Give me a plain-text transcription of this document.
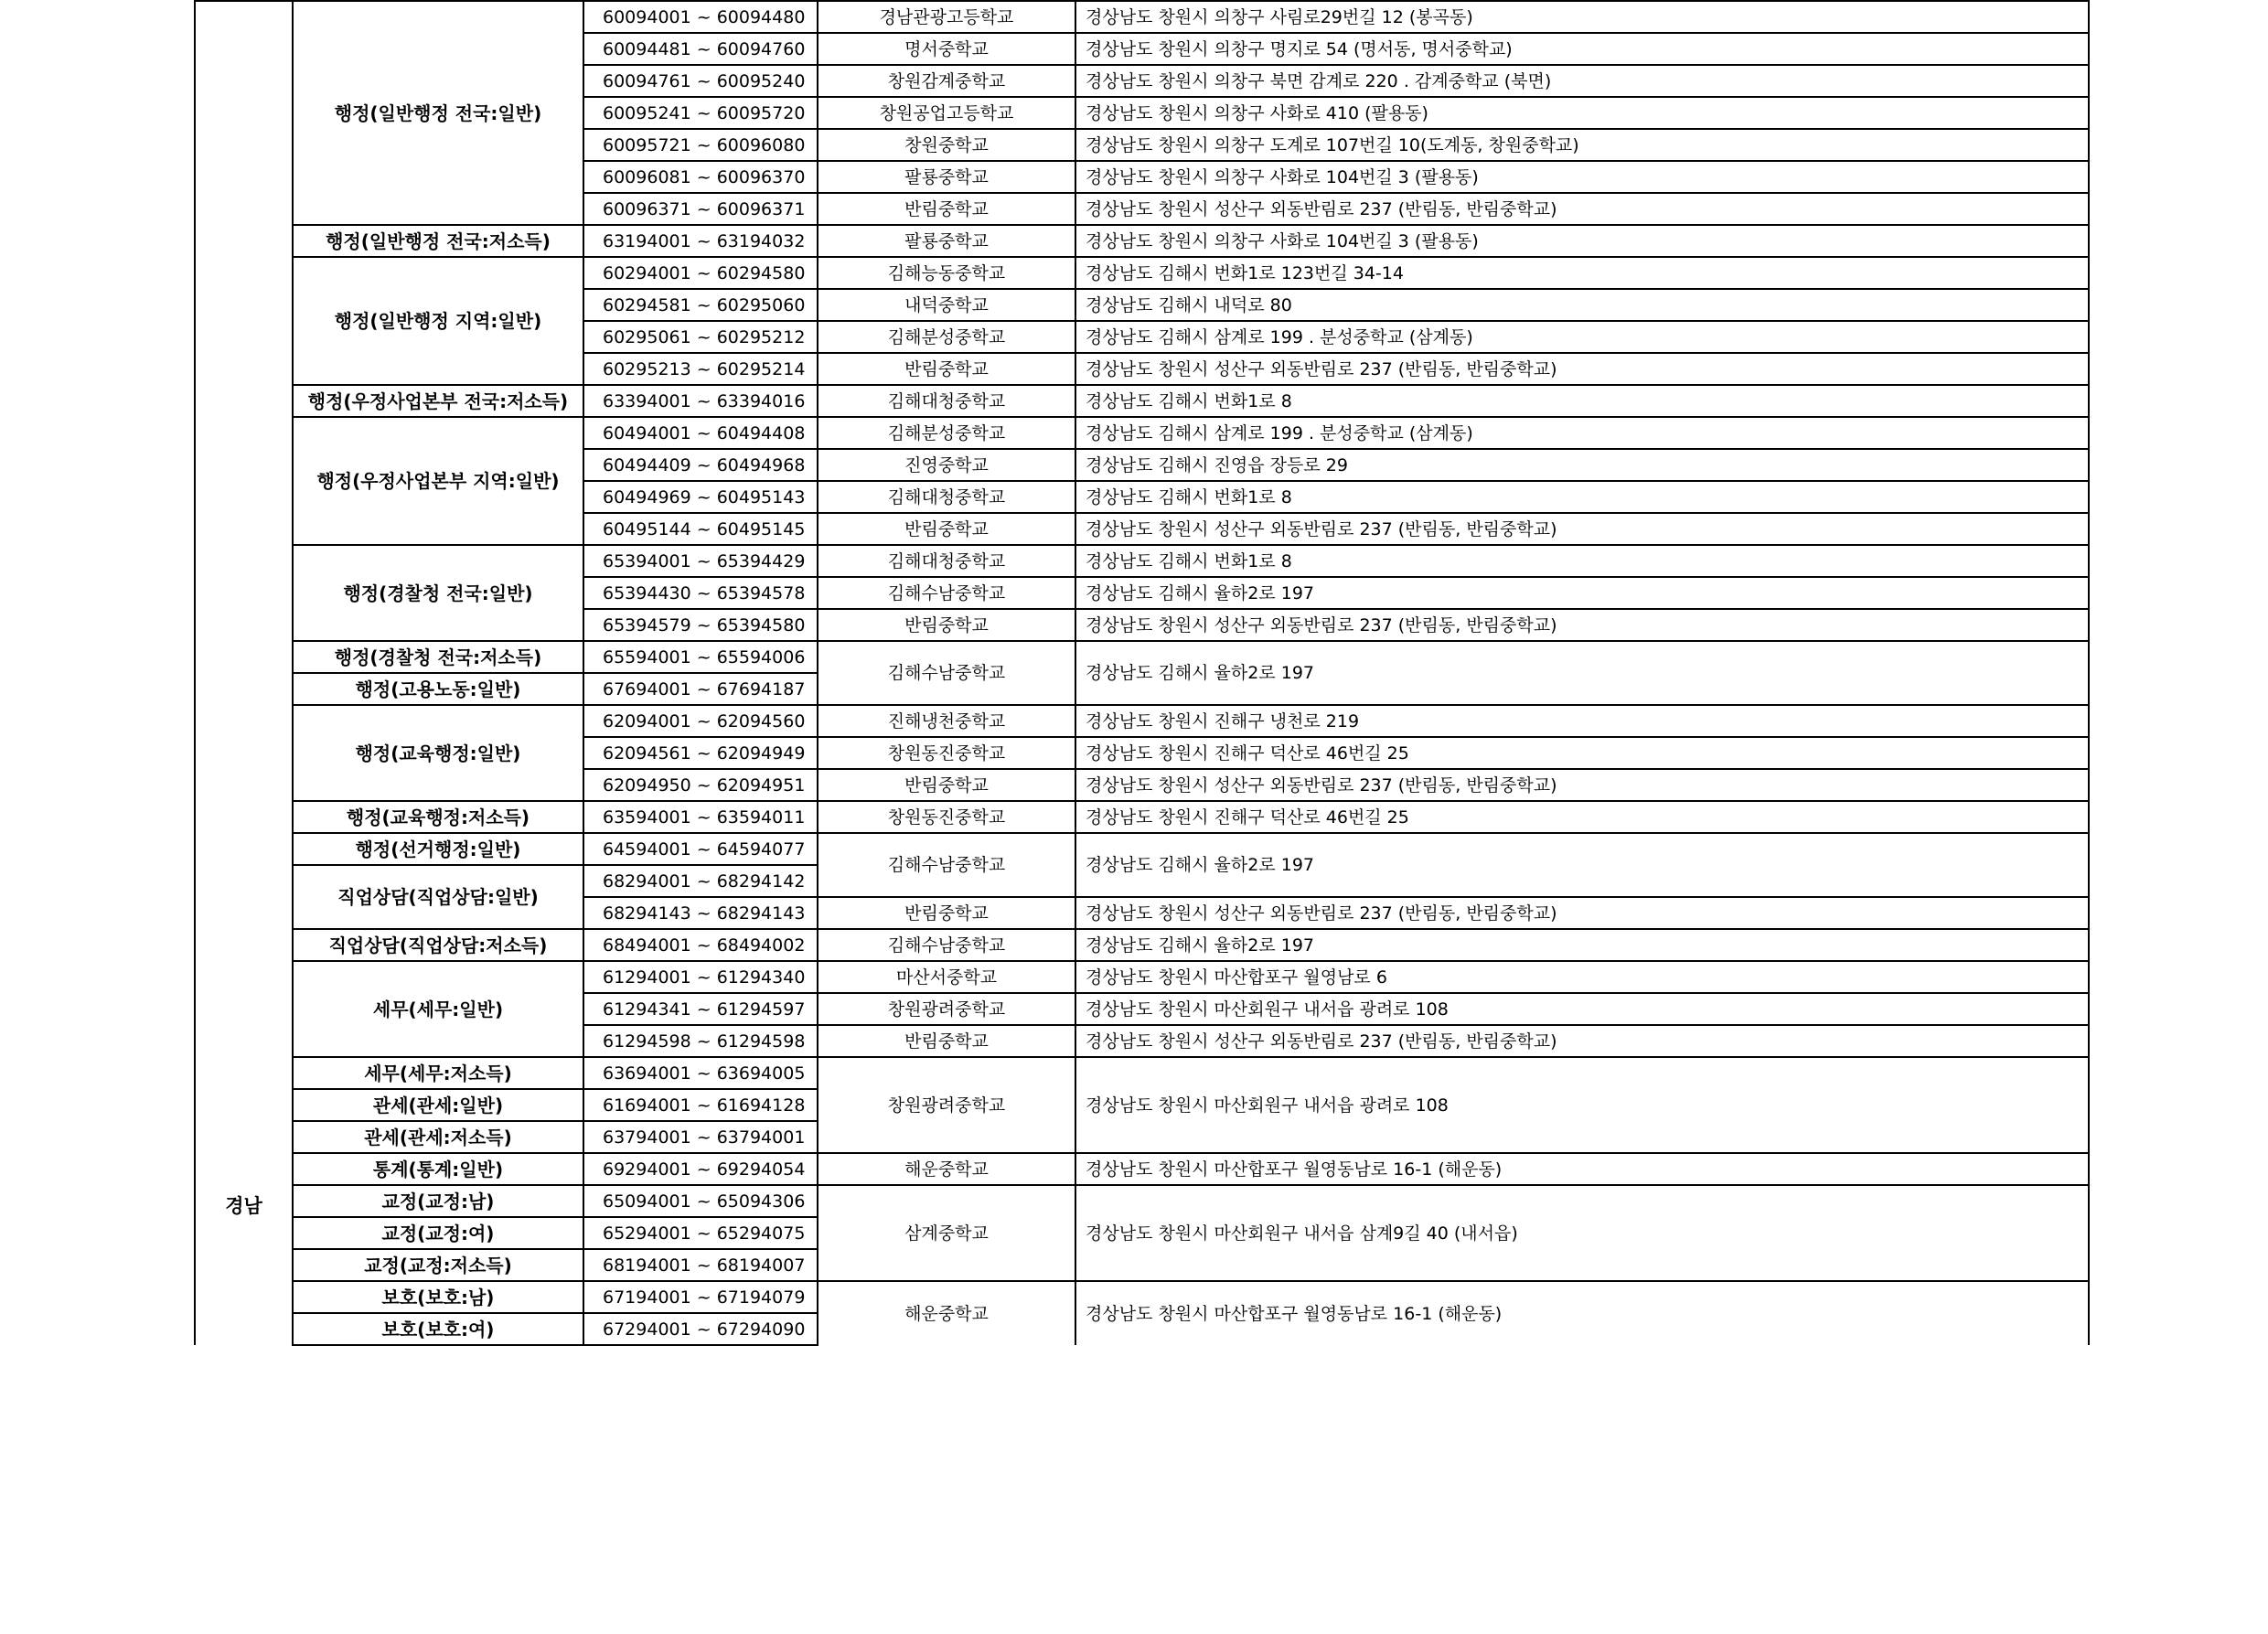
경남	행정(일반행정 전국:일반)	60094001 ~ 60094480	경남관광고등학교	경상남도 창원시 의창구 사림로29번길 12 (봉곡동)
		60094481 ~ 60094760	명서중학교	경상남도 창원시 의창구 명지로 54 (명서동, 명서중학교)
		60094761 ~ 60095240	창원감계중학교	경상남도 창원시 의창구 북면 감계로 220 . 감계중학교 (북면)
		60095241 ~ 60095720	창원공업고등학교	경상남도 창원시 의창구 사화로 410 (팔용동)
		60095721 ~ 60096080	창원중학교	경상남도 창원시 의창구 도계로 107번길 10(도계동, 창원중학교)
		60096081 ~ 60096370	팔룡중학교	경상남도 창원시 의창구 사화로 104번길 3 (팔용동)
		60096371 ~ 60096371	반림중학교	경상남도 창원시 성산구 외동반림로 237 (반림동, 반림중학교)
	행정(일반행정 전국:저소득)	63194001 ~ 63194032	팔룡중학교	경상남도 창원시 의창구 사화로 104번길 3 (팔용동)
	행정(일반행정 지역:일반)	60294001 ~ 60294580	김해능동중학교	경상남도 김해시 번화1로 123번길 34-14
		60294581 ~ 60295060	내덕중학교	경상남도 김해시 내덕로 80
		60295061 ~ 60295212	김해분성중학교	경상남도 김해시 삼계로 199 . 분성중학교 (삼계동)
		60295213 ~ 60295214	반림중학교	경상남도 창원시 성산구 외동반림로 237 (반림동, 반림중학교)
	행정(우정사업본부 전국:저소득)	63394001 ~ 63394016	김해대청중학교	경상남도 김해시 번화1로 8
	행정(우정사업본부 지역:일반)	60494001 ~ 60494408	김해분성중학교	경상남도 김해시 삼계로 199 . 분성중학교 (삼계동)
		60494409 ~ 60494968	진영중학교	경상남도 김해시 진영읍 장등로 29
		60494969 ~ 60495143	김해대청중학교	경상남도 김해시 번화1로 8
		60495144 ~ 60495145	반림중학교	경상남도 창원시 성산구 외동반림로 237 (반림동, 반림중학교)
	행정(경찰청 전국:일반)	65394001 ~ 65394429	김해대청중학교	경상남도 김해시 번화1로 8
		65394430 ~ 65394578	김해수남중학교	경상남도 김해시 율하2로 197
		65394579 ~ 65394580	반림중학교	경상남도 창원시 성산구 외동반림로 237 (반림동, 반림중학교)
	행정(경찰청 전국:저소득)	65594001 ~ 65594006	김해수남중학교	경상남도 김해시 율하2로 197
	행정(고용노동:일반)	67694001 ~ 67694187		
	행정(교육행정:일반)	62094001 ~ 62094560	진해냉천중학교	경상남도 창원시 진해구 냉천로 219
		62094561 ~ 62094949	창원동진중학교	경상남도 창원시 진해구 덕산로 46번길 25
		62094950 ~ 62094951	반림중학교	경상남도 창원시 성산구 외동반림로 237 (반림동, 반림중학교)
	행정(교육행정:저소득)	63594001 ~ 63594011	창원동진중학교	경상남도 창원시 진해구 덕산로 46번길 25
	행정(선거행정:일반)	64594001 ~ 64594077	김해수남중학교	경상남도 김해시 율하2로 197
	직업상담(직업상담:일반)	68294001 ~ 68294142		
		68294143 ~ 68294143	반림중학교	경상남도 창원시 성산구 외동반림로 237 (반림동, 반림중학교)
	직업상담(직업상담:저소득)	68494001 ~ 68494002	김해수남중학교	경상남도 김해시 율하2로 197
	세무(세무:일반)	61294001 ~ 61294340	마산서중학교	경상남도 창원시 마산합포구 월영남로 6
		61294341 ~ 61294597	창원광려중학교	경상남도 창원시 마산회원구 내서읍 광려로 108
		61294598 ~ 61294598	반림중학교	경상남도 창원시 성산구 외동반림로 237 (반림동, 반림중학교)
	세무(세무:저소득)	63694001 ~ 63694005	창원광려중학교	경상남도 창원시 마산회원구 내서읍 광려로 108
	관세(관세:일반)	61694001 ~ 61694128		
	관세(관세:저소득)	63794001 ~ 63794001		
	통계(통계:일반)	69294001 ~ 69294054	해운중학교	경상남도 창원시 마산합포구 월영동남로 16-1 (해운동)
	교정(교정:남)	65094001 ~ 65094306	삼계중학교	경상남도 창원시 마산회원구 내서읍 삼계9길 40 (내서읍)
	교정(교정:여)	65294001 ~ 65294075		
	교정(교정:저소득)	68194001 ~ 68194007		
	보호(보호:남)	67194001 ~ 67194079	해운중학교	경상남도 창원시 마산합포구 월영동남로 16-1 (해운동)
	보호(보호:여)	67294001 ~ 67294090		
